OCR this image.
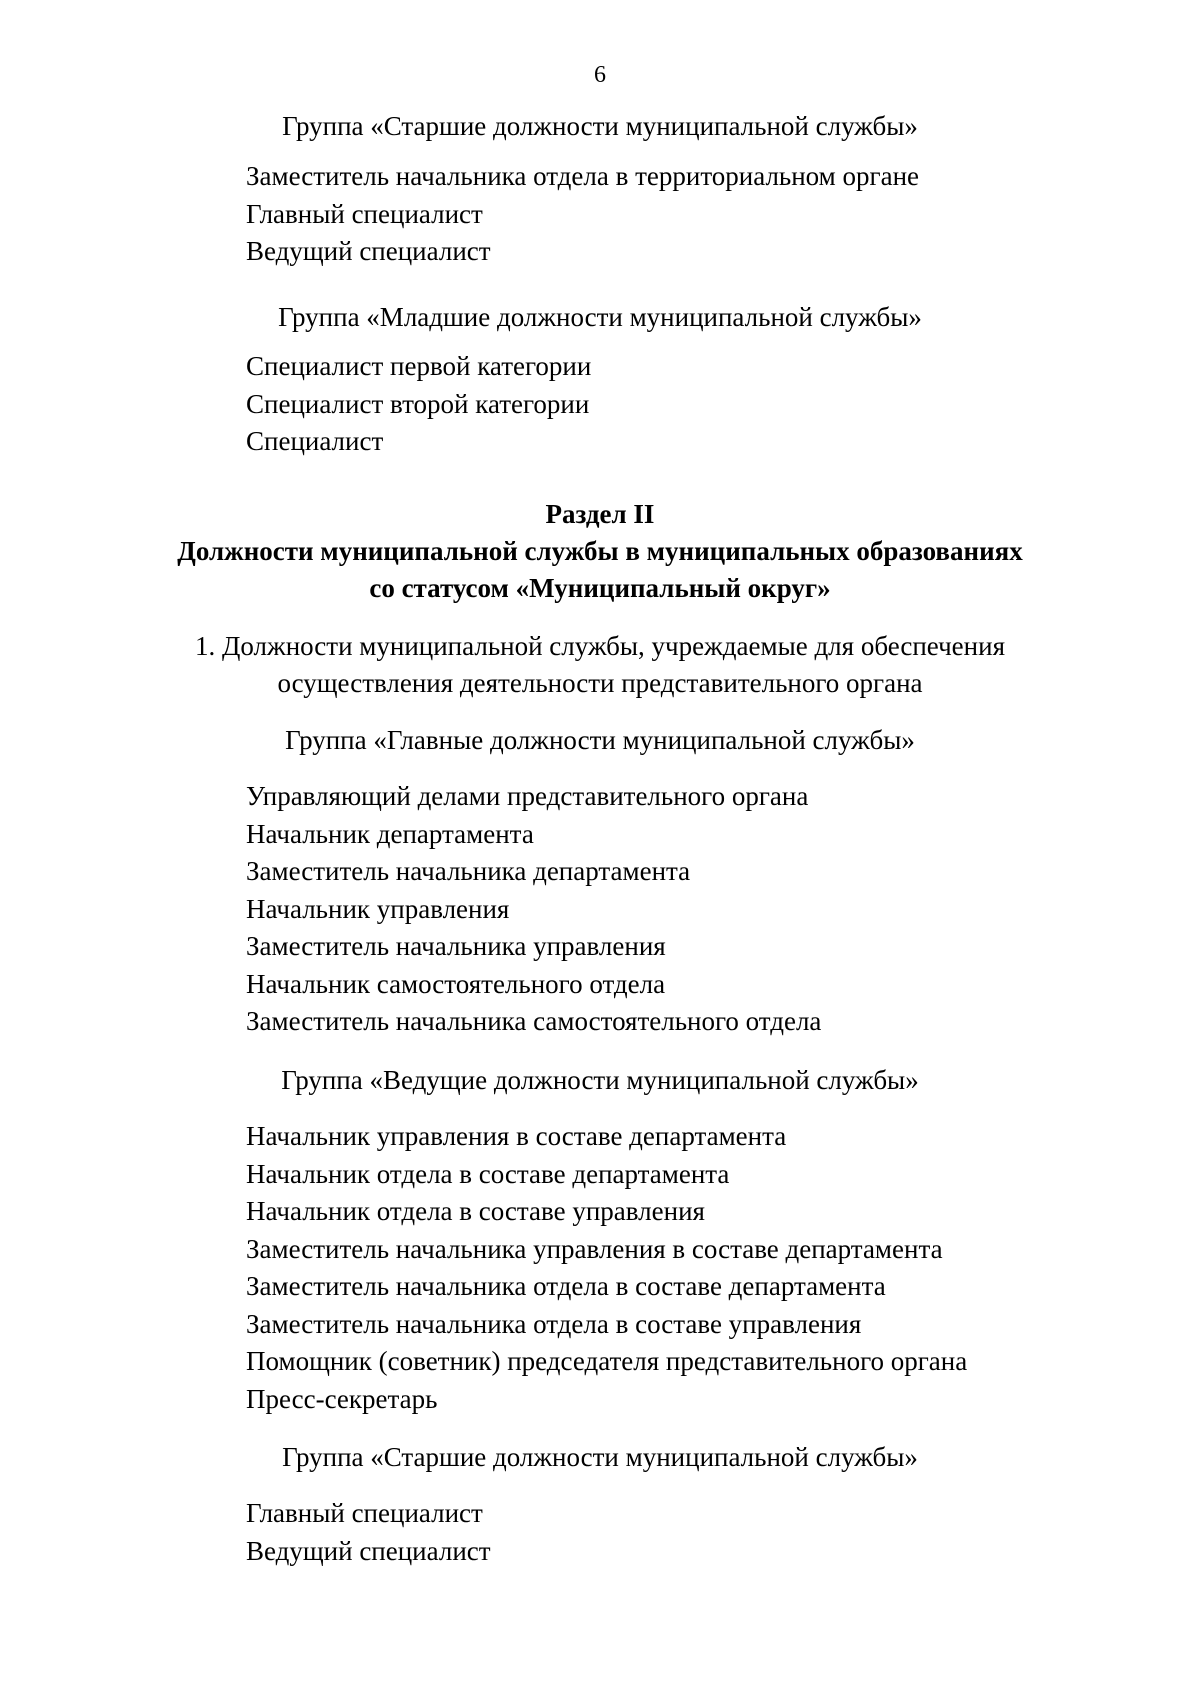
6
Группа «Старшие должности муниципальной службы»
Заместитель начальника отдела в территориальном органе
Главный специалист
Ведущий специалист
Группа «Младшие должности муниципальной службы»
Специалист первой категории
Специалист второй категории
Специалист
Раздел II
Должности муниципальной службы в муниципальных образованиях
со статусом «Муниципальный округ»
1. Должности муниципальной службы, учреждаемые для обеспечения
осуществления деятельности представительного органа
Группа «Главные должности муниципальной службы»
Управляющий делами представительного органа
Начальник департамента
Заместитель начальника департамента
Начальник управления
Заместитель начальника управления
Начальник самостоятельного отдела
Заместитель начальника самостоятельного отдела
Группа «Ведущие должности муниципальной службы»
Начальник управления в составе департамента
Начальник отдела в составе департамента
Начальник отдела в составе управления
Заместитель начальника управления в составе департамента
Заместитель начальника отдела в составе департамента
Заместитель начальника отдела в составе управления
Помощник (советник) председателя представительного органа
Пресс-секретарь
Группа «Старшие должности муниципальной службы»
Главный специалист
Ведущий специалист
